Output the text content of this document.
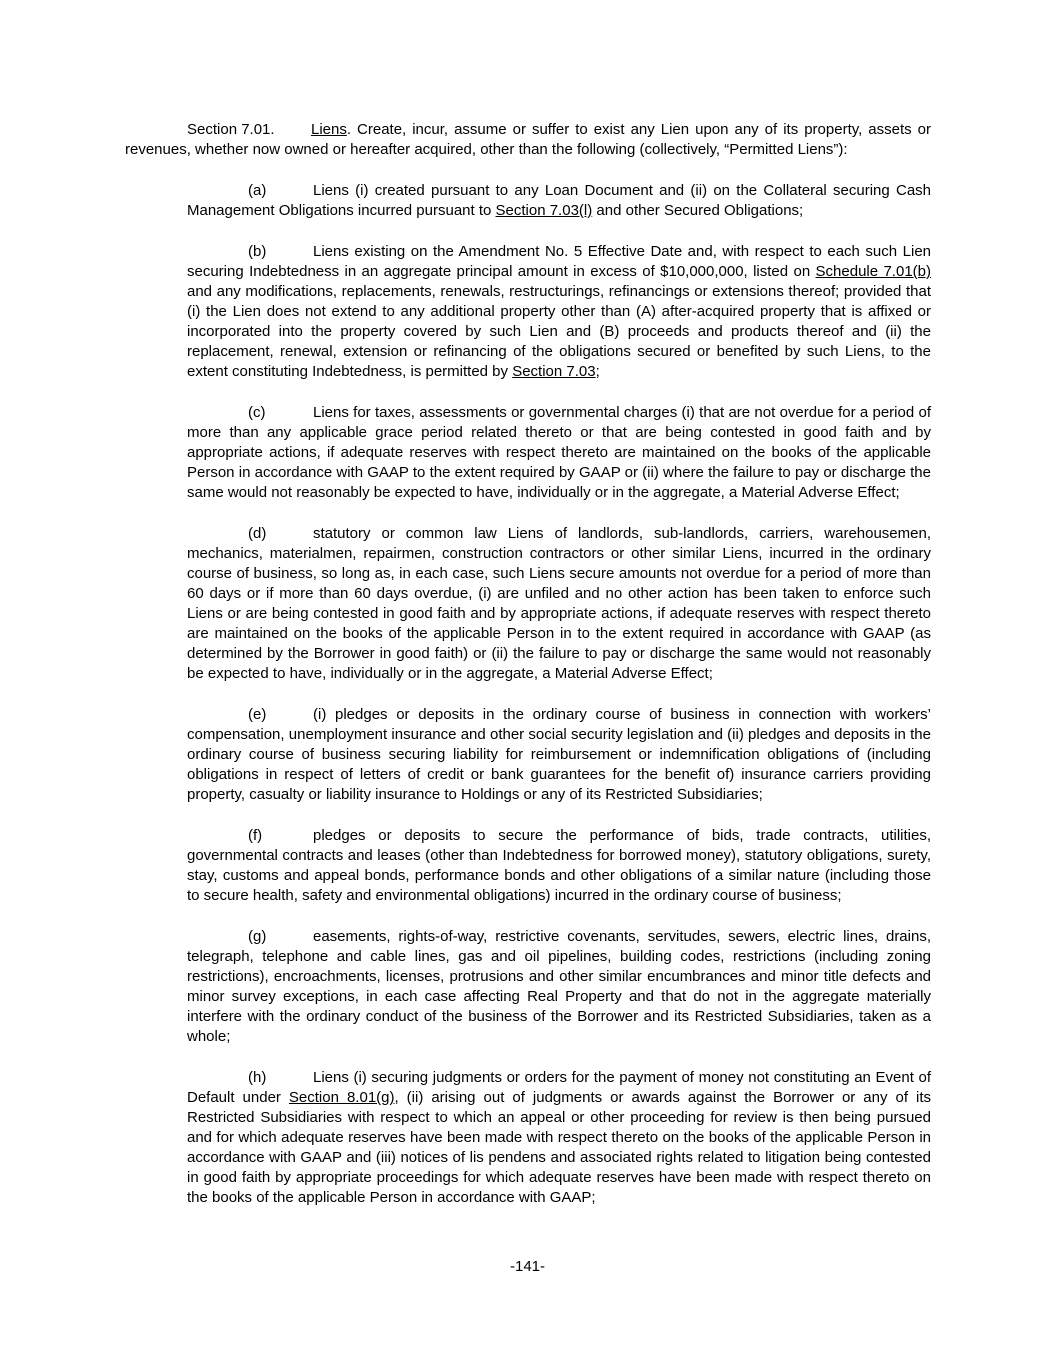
Section 7.01. Liens. Create, incur, assume or suffer to exist any Lien upon any of its property, assets or revenues, whether now owned or hereafter acquired, other than the following (collectively, “Permitted Liens”):

(a)	Liens (i) created pursuant to any Loan Document and (ii) on the Collateral securing Cash Management Obligations incurred pursuant to Section 7.03(l) and other Secured Obligations;

(b)	Liens existing on the Amendment No. 5 Effective Date and, with respect to each such Lien securing Indebtedness in an aggregate principal amount in excess of $10,000,000, listed on Schedule 7.01(b) and any modifications, replacements, renewals, restructurings, refinancings or extensions thereof; provided that (i) the Lien does not extend to any additional property other than (A) after-acquired property that is affixed or incorporated into the property covered by such Lien and (B) proceeds and products thereof and (ii) the replacement, renewal, extension or refinancing of the obligations secured or benefited by such Liens, to the extent constituting Indebtedness, is permitted by Section 7.03;

(c)	Liens for taxes, assessments or governmental charges (i) that are not overdue for a period of more than any applicable grace period related thereto or that are being contested in good faith and by appropriate actions, if adequate reserves with respect thereto are maintained on the books of the applicable Person in accordance with GAAP to the extent required by GAAP or (ii) where the failure to pay or discharge the same would not reasonably be expected to have, individually or in the aggregate, a Material Adverse Effect;

(d)	statutory or common law Liens of landlords, sub-landlords, carriers, warehousemen, mechanics, materialmen, repairmen, construction contractors or other similar Liens, incurred in the ordinary course of business, so long as, in each case, such Liens secure amounts not overdue for a period of more than 60 days or if more than 60 days overdue, (i) are unfiled and no other action has been taken to enforce such Liens or are being contested in good faith and by appropriate actions, if adequate reserves with respect thereto are maintained on the books of the applicable Person in to the extent required in accordance with GAAP (as determined by the Borrower in good faith) or (ii) the failure to pay or discharge the same would not reasonably be expected to have, individually or in the aggregate, a Material Adverse Effect;

(e)	(i) pledges or deposits in the ordinary course of business in connection with workers’ compensation, unemployment insurance and other social security legislation and (ii) pledges and deposits in the ordinary course of business securing liability for reimbursement or indemnification obligations of (including obligations in respect of letters of credit or bank guarantees for the benefit of) insurance carriers providing property, casualty or liability insurance to Holdings or any of its Restricted Subsidiaries;

(f)	pledges or deposits to secure the performance of bids, trade contracts, utilities, governmental contracts and leases (other than Indebtedness for borrowed money), statutory obligations, surety, stay, customs and appeal bonds, performance bonds and other obligations of a similar nature (including those to secure health, safety and environmental obligations) incurred in the ordinary course of business;

(g)	easements, rights-of-way, restrictive covenants, servitudes, sewers, electric lines, drains, telegraph, telephone and cable lines, gas and oil pipelines, building codes, restrictions (including zoning restrictions), encroachments, licenses, protrusions and other similar encumbrances and minor title defects and minor survey exceptions, in each case affecting Real Property and that do not in the aggregate materially interfere with the ordinary conduct of the business of the Borrower and its Restricted Subsidiaries, taken as a whole;

(h)	Liens (i) securing judgments or orders for the payment of money not constituting an Event of Default under Section 8.01(g), (ii) arising out of judgments or awards against the Borrower or any of its Restricted Subsidiaries with respect to which an appeal or other proceeding for review is then being pursued and for which adequate reserves have been made with respect thereto on the books of the applicable Person in accordance with GAAP and (iii) notices of lis pendens and associated rights related to litigation being contested in good faith by appropriate proceedings for which adequate reserves have been made with respect thereto on the books of the applicable Person in accordance with GAAP;

-141-
